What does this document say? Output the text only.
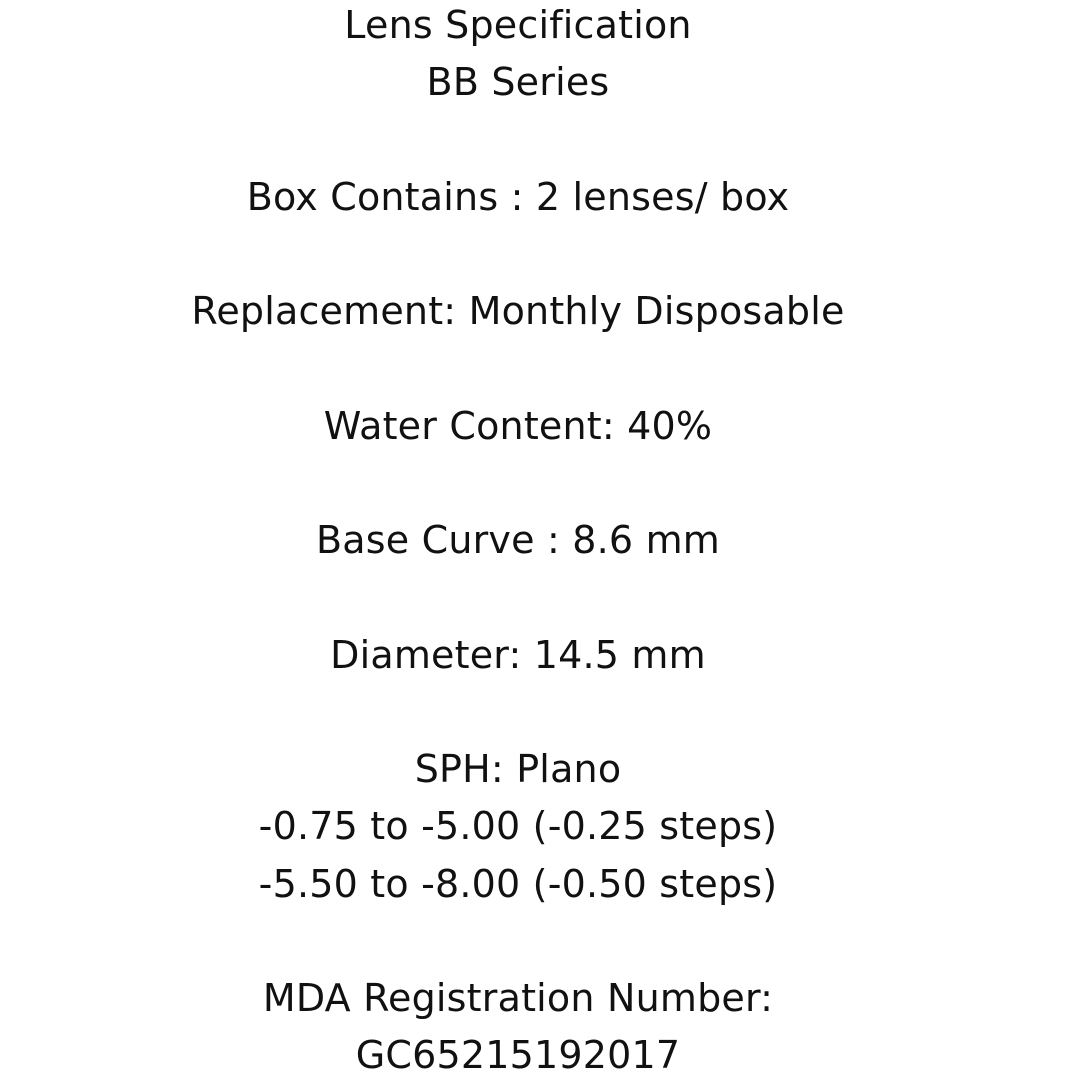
Lens Specification
BB Series
Box Contains : 2 lenses/ box
Replacement: Monthly Disposable
Water Content: 40%
Base Curve : 8.6 mm
Diameter: 14.5 mm
SPH: Plano
-0.75 to -5.00 (-0.25 steps)
-5.50 to -8.00 (-0.50 steps)
MDA Registration Number:
GC65215192017
